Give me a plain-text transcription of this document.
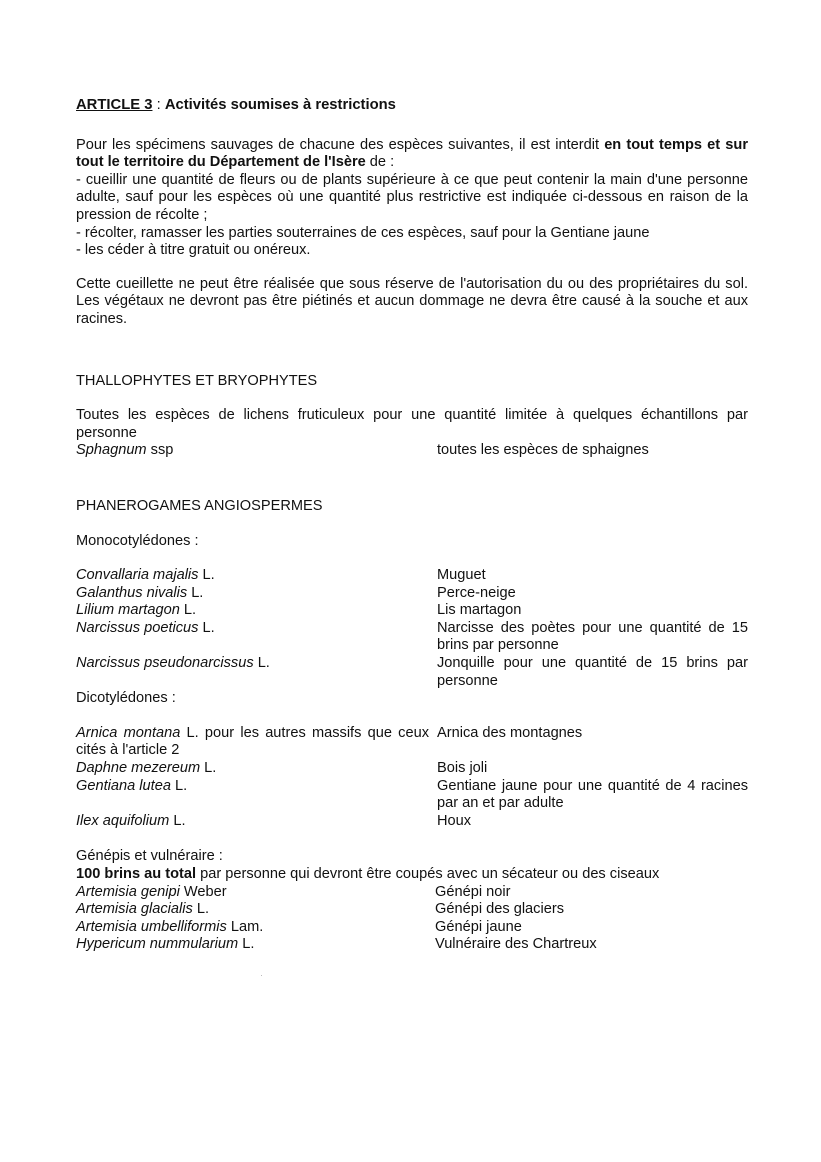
ARTICLE 3 : Activités soumises à restrictions

Pour les spécimens sauvages de chacune des espèces suivantes, il est interdit en tout temps et sur tout le territoire du Département de l'Isère de :

- cueillir une quantité de fleurs ou de plants supérieure à ce que peut contenir la main d'une personne adulte, sauf pour les espèces où une quantité plus restrictive est indiquée ci-dessous en raison de la pression de récolte ;

- récolter, ramasser les parties souterraines de ces espèces, sauf pour la Gentiane jaune

- les céder à titre gratuit ou onéreux.

Cette cueillette ne peut être réalisée que sous réserve de l'autorisation du ou des propriétaires du sol. Les végétaux ne devront pas être piétinés et aucun dommage ne devra être causé à la souche et aux racines.

THALLOPHYTES ET BRYOPHYTES

Toutes les espèces de lichens fruticuleux pour une quantité limitée à quelques échantillons par personne

Sphagnum ssp	toutes les espèces de sphaignes
PHANEROGAMES ANGIOSPERMES
Monocotylédones :
Convallaria majalis L.	Muguet
Galanthus nivalis L.	Perce-neige
Lilium martagon L.	Lis martagon
Narcissus poeticus L.	Narcisse des poètes pour une quantité de 15 brins par personne
Narcissus pseudonarcissus L.	Jonquille pour une quantité de 15 brins par personne
Dicotylédones :
Arnica montana L. pour les autres massifs que ceux cités à l'article 2	Arnica des montagnes
Daphne mezereum L.	Bois joli
Gentiana lutea L.	Gentiane jaune pour une quantité de 4 racines par an et par adulte
Ilex aquifolium L.	Houx
Génépis et vulnéraire :
100 brins au total par personne qui devront être coupés avec un sécateur ou des ciseaux
Artemisia genipi Weber	Génépi noir
Artemisia glacialis L.	Génépi des glaciers
Artemisia umbelliformis Lam.	Génépi jaune
Hypericum nummularium L.	Vulnéraire des Chartreux
